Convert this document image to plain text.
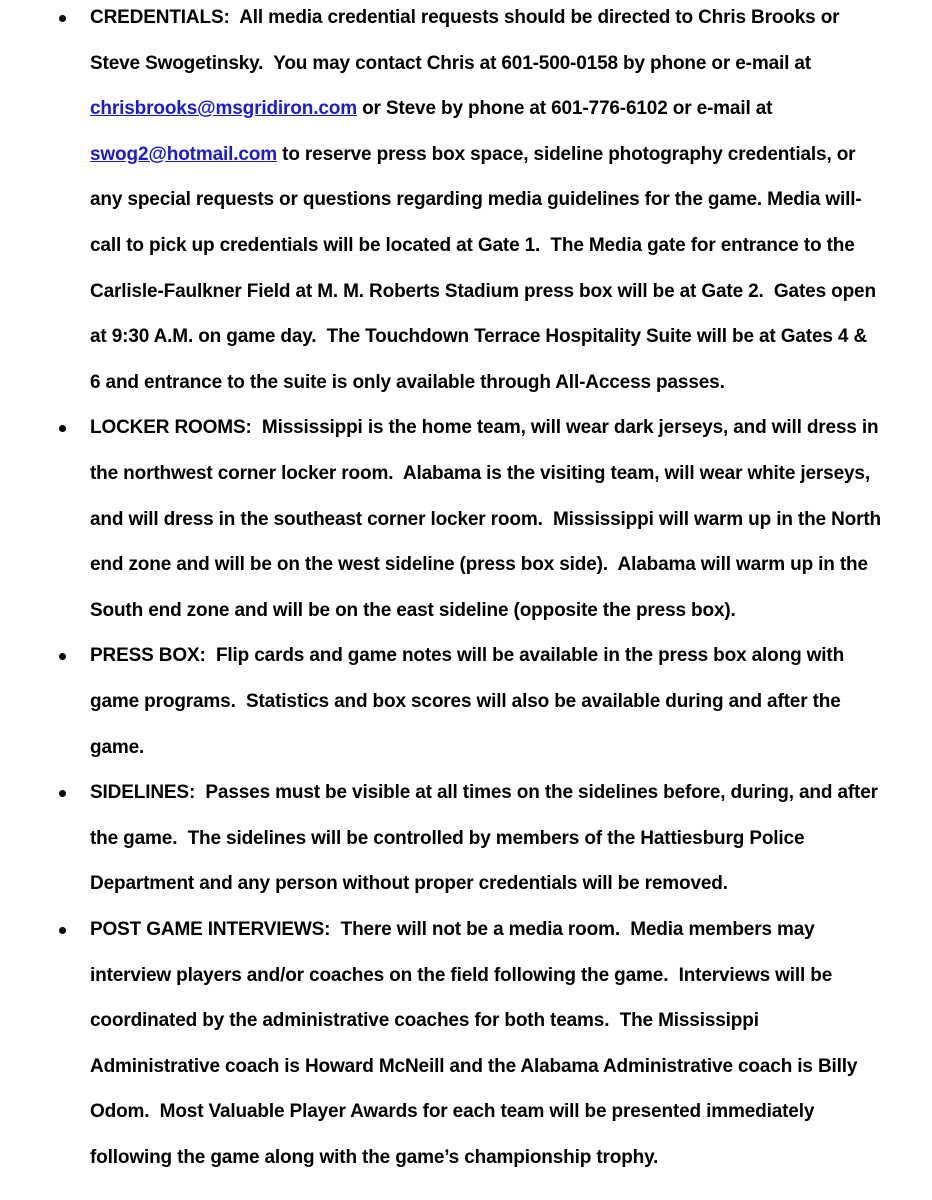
CREDENTIALS:  All media credential requests should be directed to Chris Brooks or
Steve Swogetinsky.  You may contact Chris at 601-500-0158 by phone or e-mail at
chrisbrooks@msgridiron.com or Steve by phone at 601-776-6102 or e-mail at
swog2@hotmail.com to reserve press box space, sideline photography credentials, or
any special requests or questions regarding media guidelines for the game. Media will-
call to pick up credentials will be located at Gate 1.  The Media gate for entrance to the
Carlisle-Faulkner Field at M. M. Roberts Stadium press box will be at Gate 2.  Gates open
at 9:30 A.M. on game day.  The Touchdown Terrace Hospitality Suite will be at Gates 4 &
6 and entrance to the suite is only available through All-Access passes.
LOCKER ROOMS:  Mississippi is the home team, will wear dark jerseys, and will dress in
the northwest corner locker room.  Alabama is the visiting team, will wear white jerseys,
and will dress in the southeast corner locker room.  Mississippi will warm up in the North
end zone and will be on the west sideline (press box side).  Alabama will warm up in the
South end zone and will be on the east sideline (opposite the press box).
PRESS BOX:  Flip cards and game notes will be available in the press box along with
game programs.  Statistics and box scores will also be available during and after the
game.
SIDELINES:  Passes must be visible at all times on the sidelines before, during, and after
the game.  The sidelines will be controlled by members of the Hattiesburg Police
Department and any person without proper credentials will be removed.
POST GAME INTERVIEWS:  There will not be a media room.  Media members may
interview players and/or coaches on the field following the game.  Interviews will be
coordinated by the administrative coaches for both teams.  The Mississippi
Administrative coach is Howard McNeill and the Alabama Administrative coach is Billy
Odom.  Most Valuable Player Awards for each team will be presented immediately
following the game along with the game’s championship trophy.
